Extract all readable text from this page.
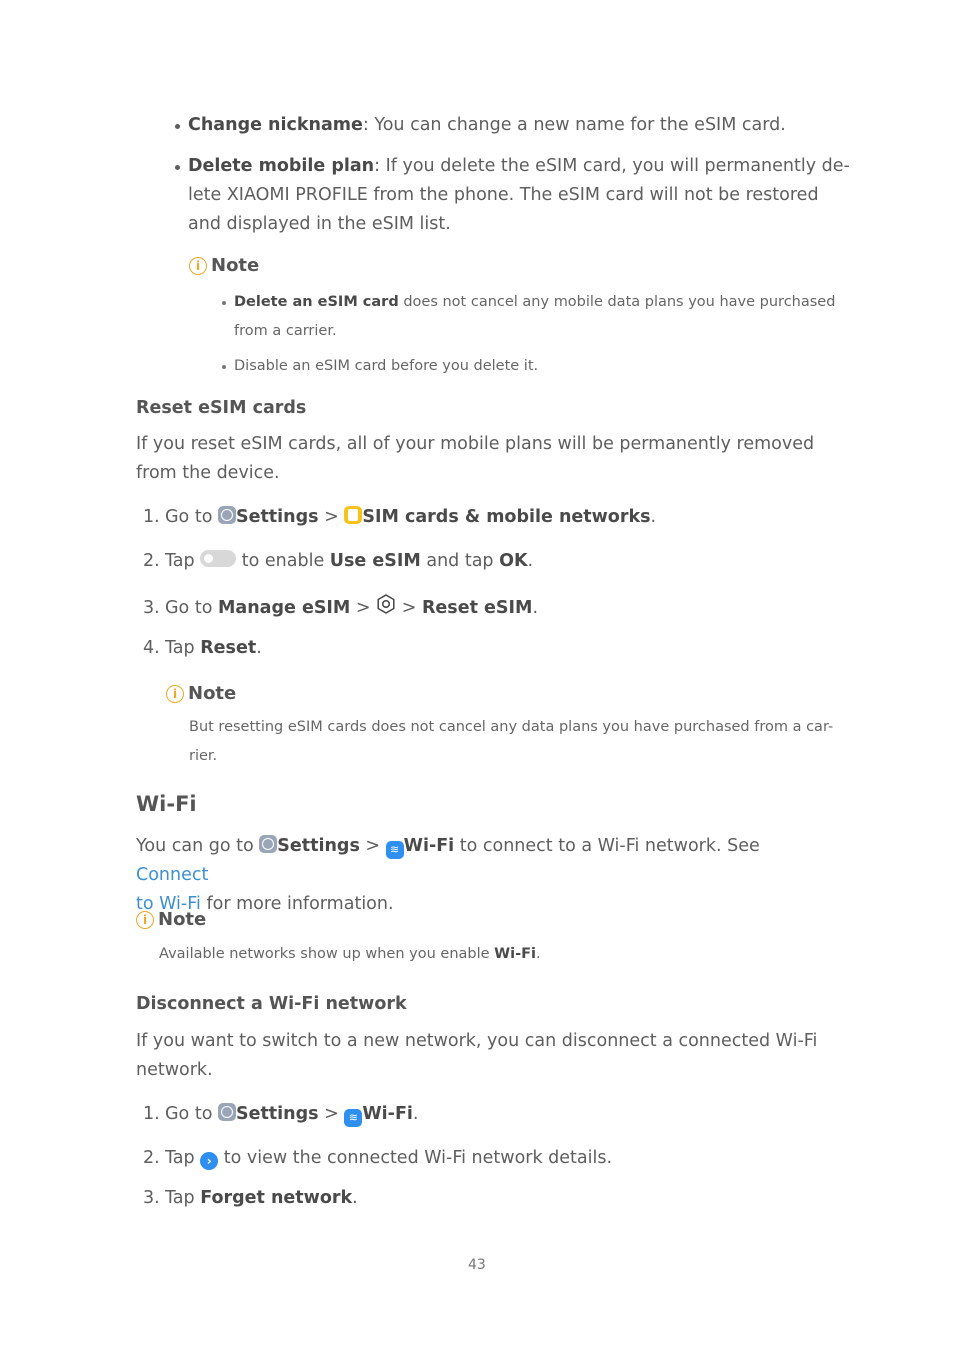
Change nickname: You can change a new name for the eSIM card.
Delete mobile plan: If you delete the eSIM card, you will permanently de-
lete XIAOMI PROFILE from the phone. The eSIM card will not be restored
and displayed in the eSIM list.
i Note
Delete an eSIM card does not cancel any mobile data plans you have purchased
from a carrier.
Disable an eSIM card before you delete it.
Reset eSIM cards
If you reset eSIM cards, all of your mobile plans will be permanently removed
from the device.
1. Go to Settings > SIM cards & mobile networks.
2. Tap  to enable Use eSIM and tap OK.
3. Go to Manage eSIM >  > Reset eSIM.
4. Tap Reset.
i Note
But resetting eSIM cards does not cancel any data plans you have purchased from a car-
rier.
Wi-Fi
You can go to Settings > ≋ Wi-Fi to connect to a Wi-Fi network. See Connect
to Wi-Fi for more information.
i Note
Available networks show up when you enable Wi-Fi.
Disconnect a Wi-Fi network
If you want to switch to a new network, you can disconnect a connected Wi-Fi
network.
1. Go to Settings > ≋ Wi-Fi.
2. Tap › to view the connected Wi-Fi network details.
3. Tap Forget network.
43
